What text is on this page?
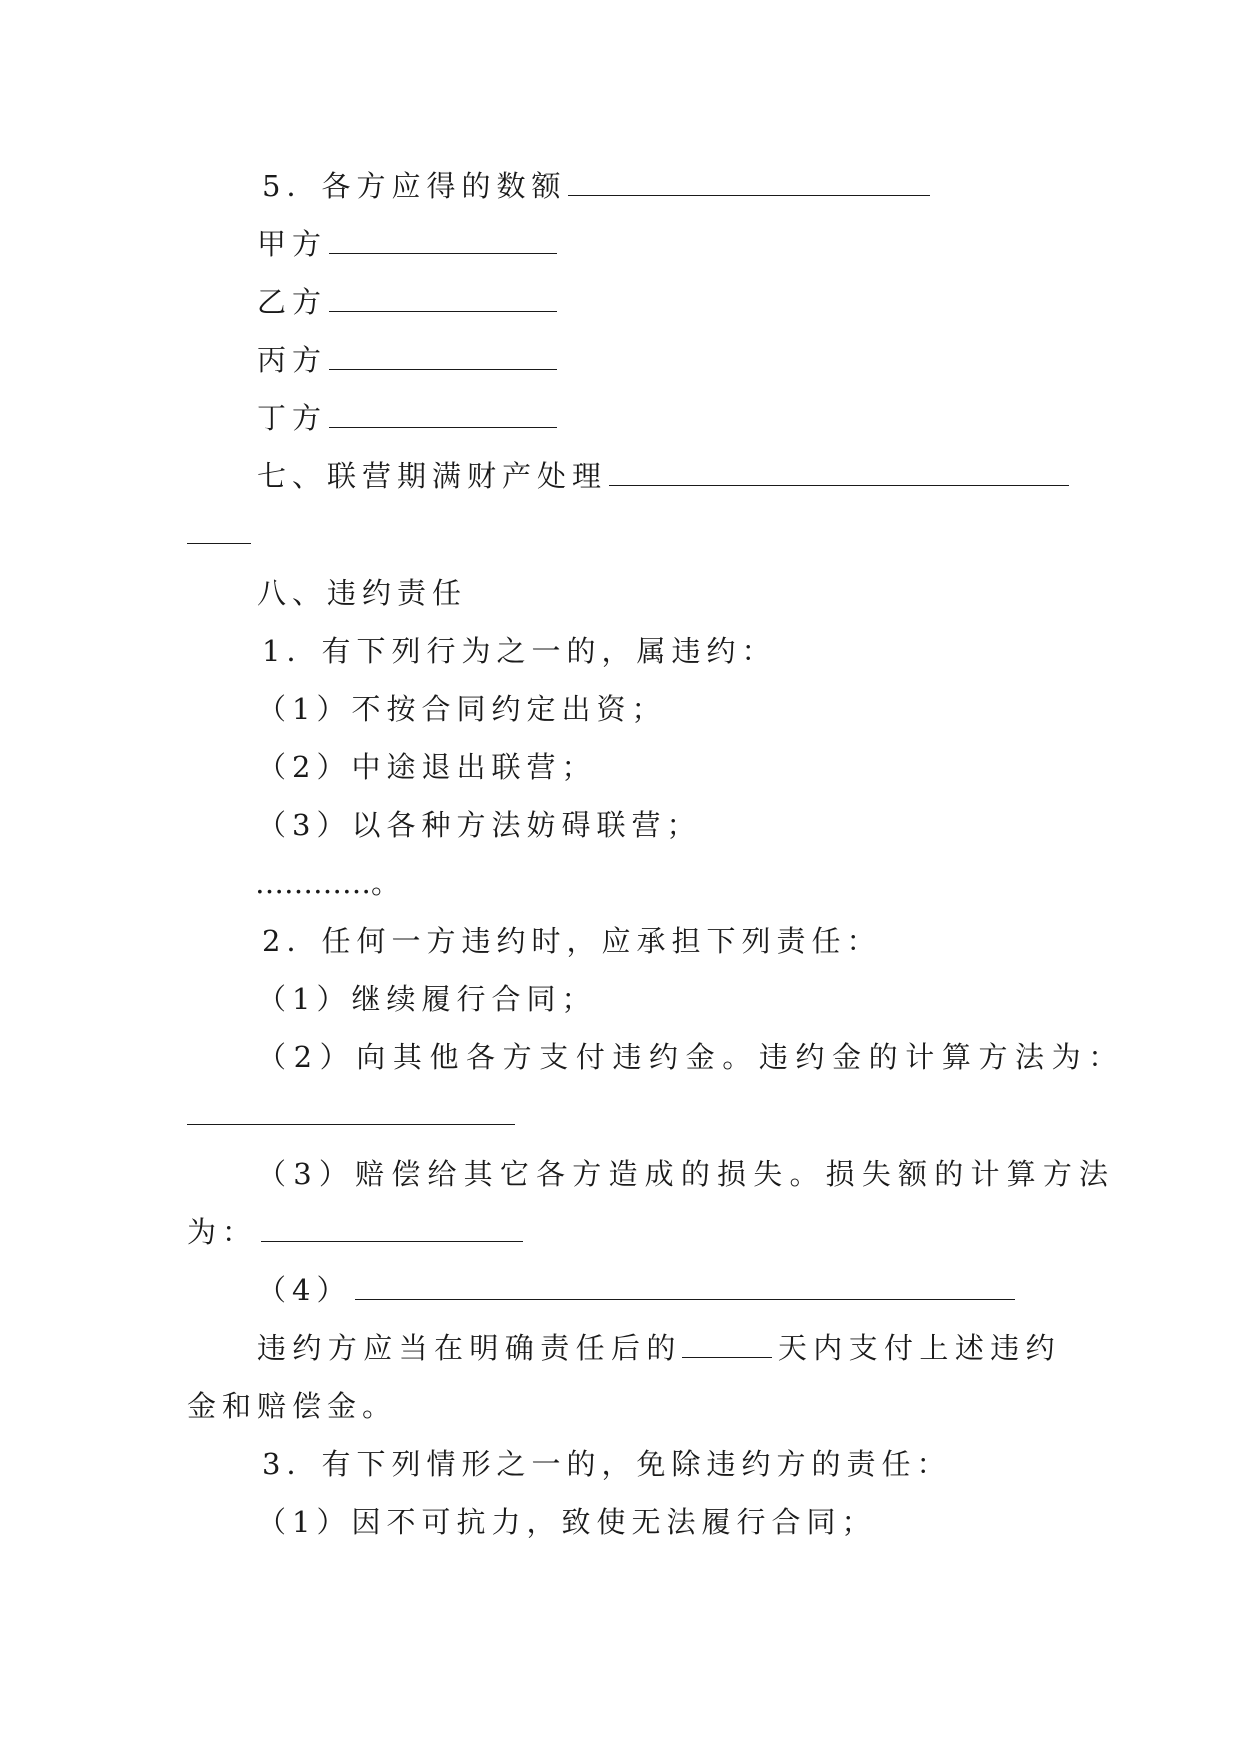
5．各方应得的数额
甲方
乙方
丙方
丁方
七、联营期满财产处理
八、违约责任
1．有下列行为之一的，属违约：
（1）不按合同约定出资；
（2）中途退出联营；
（3）以各种方法妨碍联营；
…………。
2．任何一方违约时，应承担下列责任：
（1）继续履行合同；
（2）向其他各方支付违约金。违约金的计算方法为：
（3）赔偿给其它各方造成的损失。损失额的计算方法
为：
（4）
违约方应当在明确责任后的	天内支付上述违约
金和赔偿金。
3．有下列情形之一的，免除违约方的责任：
（1）因不可抗力，致使无法履行合同；
